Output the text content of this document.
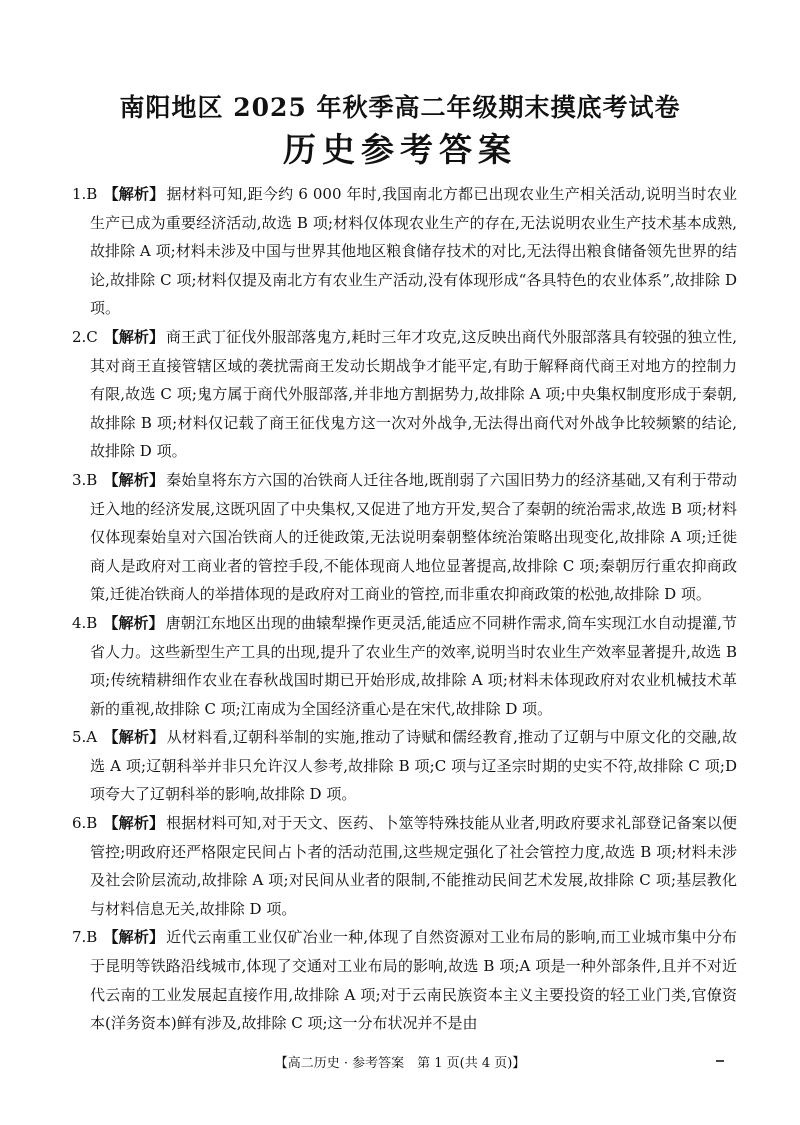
南阳地区 2025 年秋季高二年级期末摸底考试卷
历史参考答案

1.B 【解析】 据材料可知,距今约 6 000 年时,我国南北方都已出现农业生产相关活动,说明当时农业生产已成为重要经济活动,故选 B 项;材料仅体现农业生产的存在,无法说明农业生产技术基本成熟,故排除 A 项;材料未涉及中国与世界其他地区粮食储存技术的对比,无法得出粮食储备领先世界的结论,故排除 C 项;材料仅提及南北方有农业生产活动,没有体现形成“各具特色的农业体系”,故排除 D 项。

2.C 【解析】 商王武丁征伐外服部落鬼方,耗时三年才攻克,这反映出商代外服部落具有较强的独立性,其对商王直接管辖区域的袭扰需商王发动长期战争才能平定,有助于解释商代商王对地方的控制力有限,故选 C 项;鬼方属于商代外服部落,并非地方割据势力,故排除 A 项;中央集权制度形成于秦朝,故排除 B 项;材料仅记载了商王征伐鬼方这一次对外战争,无法得出商代对外战争比较频繁的结论,故排除 D 项。

3.B 【解析】 秦始皇将东方六国的冶铁商人迁往各地,既削弱了六国旧势力的经济基础,又有利于带动迁入地的经济发展,这既巩固了中央集权,又促进了地方开发,契合了秦朝的统治需求,故选 B 项;材料仅体现秦始皇对六国冶铁商人的迁徙政策,无法说明秦朝整体统治策略出现变化,故排除 A 项;迁徙商人是政府对工商业者的管控手段,不能体现商人地位显著提高,故排除 C 项;秦朝厉行重农抑商政策,迁徙冶铁商人的举措体现的是政府对工商业的管控,而非重农抑商政策的松弛,故排除 D 项。

4.B 【解析】 唐朝江东地区出现的曲辕犁操作更灵活,能适应不同耕作需求,筒车实现江水自动提灌,节省人力。这些新型生产工具的出现,提升了农业生产的效率,说明当时农业生产效率显著提升,故选 B 项;传统精耕细作农业在春秋战国时期已开始形成,故排除 A 项;材料未体现政府对农业机械技术革新的重视,故排除 C 项;江南成为全国经济重心是在宋代,故排除 D 项。

5.A 【解析】 从材料看,辽朝科举制的实施,推动了诗赋和儒经教育,推动了辽朝与中原文化的交融,故选 A 项;辽朝科举并非只允许汉人参考,故排除 B 项;C 项与辽圣宗时期的史实不符,故排除 C 项;D 项夸大了辽朝科举的影响,故排除 D 项。

6.B 【解析】 根据材料可知,对于天文、医药、卜筮等特殊技能从业者,明政府要求礼部登记备案以便管控;明政府还严格限定民间占卜者的活动范围,这些规定强化了社会管控力度,故选 B 项;材料未涉及社会阶层流动,故排除 A 项;对民间从业者的限制,不能推动民间艺术发展,故排除 C 项;基层教化与材料信息无关,故排除 D 项。

7.B 【解析】 近代云南重工业仅矿冶业一种,体现了自然资源对工业布局的影响,而工业城市集中分布于昆明等铁路沿线城市,体现了交通对工业布局的影响,故选 B 项;A 项是一种外部条件,且并不对近代云南的工业发展起直接作用,故排除 A 项;对于云南民族资本主义主要投资的轻工业门类,官僚资本(洋务资本)鲜有涉及,故排除 C 项;这一分布状况并不是由

【高二历史 · 参考答案　第 1 页(共 4 页)】
